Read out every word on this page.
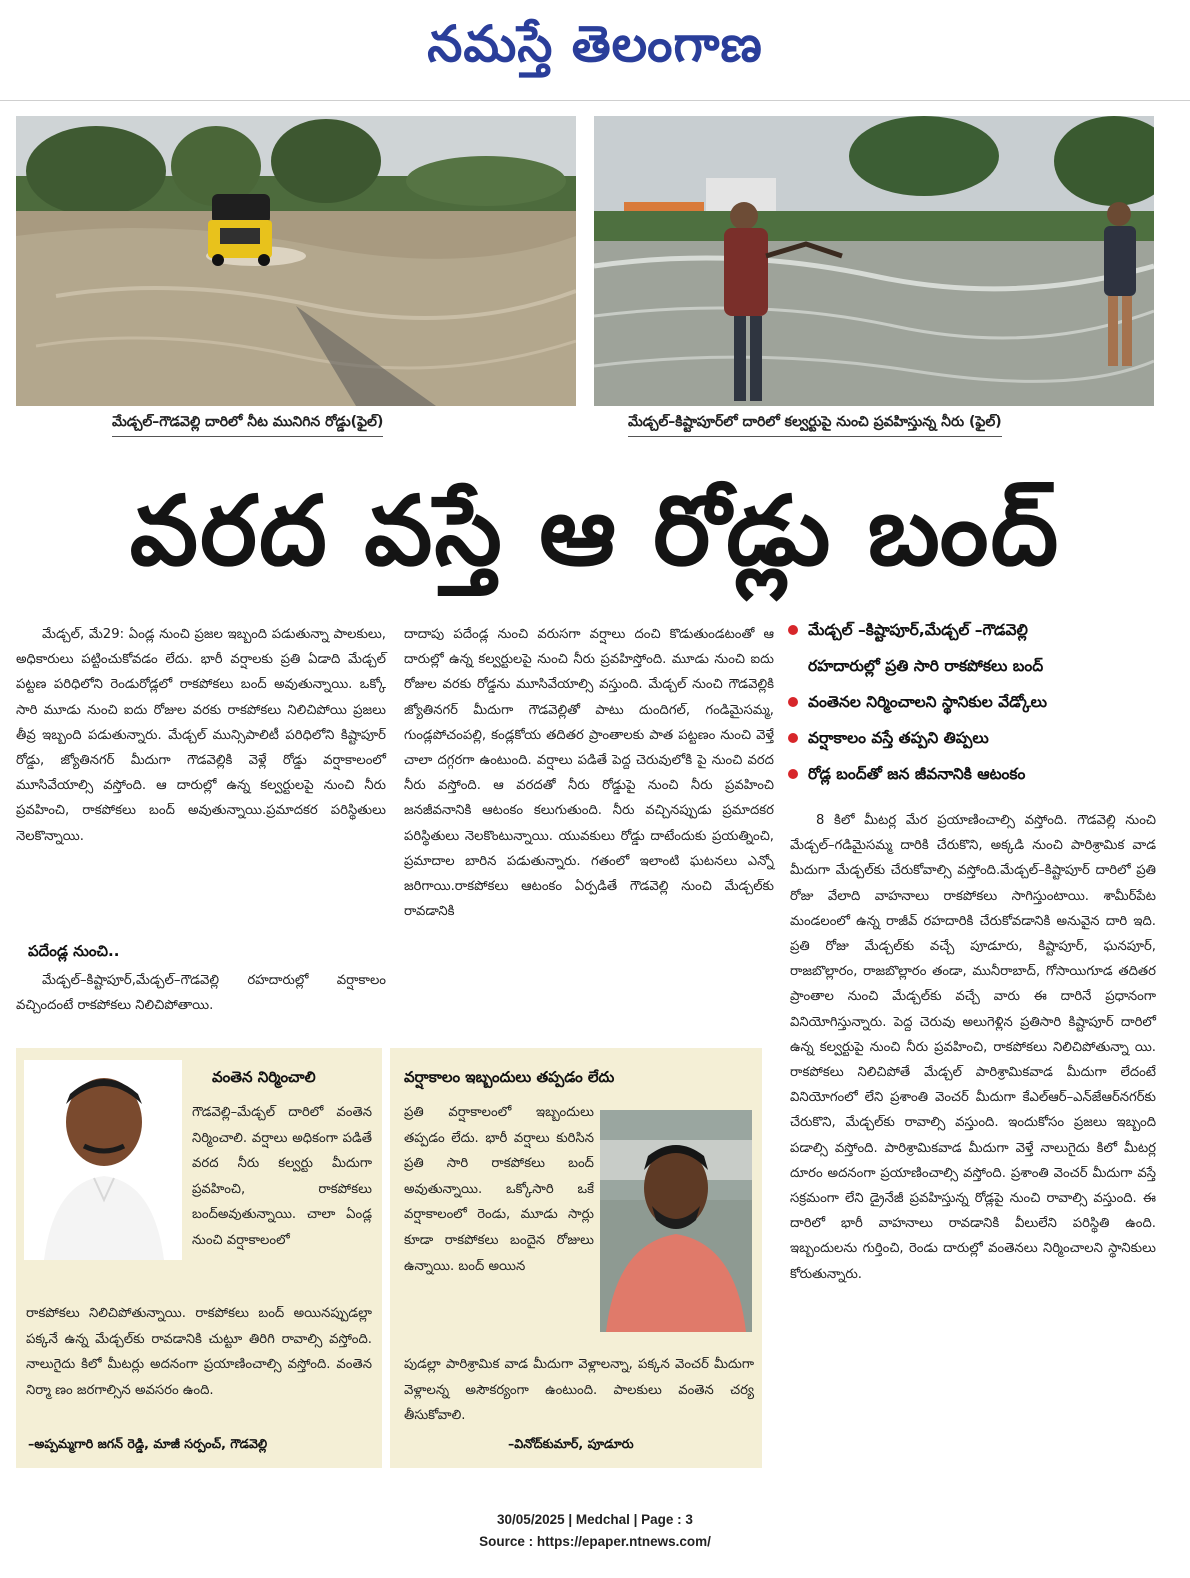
నమస్తే తెలంగాణ
మేడ్చల్‌–గౌడవెల్లి దారిలో నీట మునిగిన రోడ్డు(ఫైల్)	మేడ్చల్‌–కిష్టాపూర్‌లో దారిలో కల్వర్టుపై నుంచి ప్రవహిస్తున్న నీరు (ఫైల్)
వరద వస్తే ఆ రోడ్లు బంద్‌

మేడ్చల్‌, మే29: ఏండ్ల నుంచి ప్రజల ఇబ్బంది పడుతున్నా పాలకులు, అధికారులు పట్టించుకోవడం లేదు. భారీ వర్షాలకు ప్రతి ఏడాది మేడ్చల్‌ పట్టణ పరిధిలోని రెండురోడ్లలో రాకపోకలు బంద్‌ అవుతున్నాయి. ఒక్కో సారి మూడు నుంచి ఐదు రోజుల వరకు రాకపోకలు నిలిచిపోయి ప్రజలు తీవ్ర ఇబ్బంది పడుతున్నారు. మేడ్చల్‌ మున్సిపాలిటీ పరిధిలోని కిష్టాపూర్‌ రోడ్డు, జ్యోతినగర్‌ మీదుగా గౌడవెల్లికి వెళ్లే రోడ్డు వర్షాకాలంలో మూసివేయాల్సి వస్తోంది. ఆ దారుల్లో ఉన్న కల్వర్టులపై నుంచి నీరు ప్రవహించి, రాకపోకలు బంద్‌ అవుతున్నాయి.ప్రమాదకర పరిస్థితులు నెలకొన్నాయి.

పదేండ్ల నుంచి..

మేడ్చల్‌–కిష్టాపూర్‌,మేడ్చల్‌–గౌడవెల్లి రహదారుల్లో వర్షాకాలం వచ్చిందంటే రాకపోకలు నిలిచిపోతాయి.

దాదాపు పదేండ్ల నుంచి వరుసగా వర్షాలు దంచి కొడుతుండటంతో ఆ దారుల్లో ఉన్న కల్వర్టులపై నుంచి నీరు ప్రవహిస్తోంది. మూడు నుంచి ఐదు రోజుల వరకు రోడ్డను మూసివేయాల్సి వస్తుంది. మేడ్చల్‌ నుంచి గౌడవెల్లికి జ్యోతినగర్‌ మీదుగా గౌడవెల్లితో పాటు దుందిగల్‌, గండిమైసమ్మ, గుండ్లపోచంపల్లి, కండ్లకోయ తదితర ప్రాంతాలకు పాత పట్టణం నుంచి వెళ్తే చాలా దగ్గరగా ఉంటుంది. వర్షాలు పడితే పెద్ద చెరువులోకి పై నుంచి వరద నీరు వస్తోంది. ఆ వరదతో నీరు రోడ్డుపై నుంచి నీరు ప్రవహించి జనజీవనానికి ఆటంకం కలుగుతుంది. నీరు వచ్చినప్పుడు ప్రమాదకర పరిస్థితులు నెలకొంటున్నాయి. యువకులు రోడ్డు దాటేందుకు ప్రయత్నించి, ప్రమాదాల బారిన పడుతున్నారు. గతంలో ఇలాంటి ఘటనలు ఎన్నో జరిగాయి.రాకపోకలు ఆటంకం ఏర్పడితే గౌడవెల్లి నుంచి మేడ్చల్‌కు రావడానికి

మేడ్చల్‌ –కిష్టాపూర్‌,మేడ్చల్‌ –గౌడవెల్లి
రహదారుల్లో ప్రతి సారి రాకపోకలు బంద్‌
వంతెనల నిర్మించాలని స్థానికుల వేడ్కోలు
వర్షాకాలం వస్తే తప్పని తిప్పలు
రోడ్ల బంద్‌తో జన జీవనానికి ఆటంకం

8 కిలో మీటర్ల మేర ప్రయాణించాల్సి వస్తోంది. గౌడవెల్లి నుంచి మేడ్చల్‌–గడిమైసమ్మ దారికి చేరుకొని, అక్కడి నుంచి పారిశ్రామిక వాడ మీదుగా మేడ్చల్‌కు చేరుకోవాల్సి వస్తోంది.మేడ్చల్‌–కిష్టాపూర్‌ దారిలో ప్రతి రోజు వేలాది వాహనాలు రాకపోకలు సాగిస్తుంటాయి. శామీర్‌పేట మండలంలో ఉన్న రాజీవ్‌ రహదారికి చేరుకోవడానికి అనువైన దారి ఇది. ప్రతి రోజు మేడ్చల్‌కు వచ్చే పూడూరు, కిష్టాపూర్‌, ఘనపూర్‌, రాజబొల్లారం, రాజబొల్లారం తండా, మునీరాబాద్‌, గోసాయిగూడ తదితర ప్రాంతాల నుంచి మేడ్చల్‌కు వచ్చే వారు ఈ దారినే ప్రధానంగా వినియోగిస్తున్నారు. పెద్ద చెరువు అలుగెళ్లిన ప్రతిసారి కిష్టాపూర్‌ దారిలో ఉన్న కల్వర్టుపై నుంచి నీరు ప్రవహించి, రాకపోకలు నిలిచిపోతున్నా యి. రాకపోకలు నిలిచిపోతే మేడ్చల్‌ పారిశ్రామికవాడ మీదుగా లేదంటే వినియోగంలో లేని ప్రశాంతి వెంచర్‌ మీదుగా కేఎల్‌ఆర్‌–ఎన్‌జేఆర్‌నగర్‌కు చేరుకొని, మేడ్చల్‌కు రావాల్సి వస్తుంది. ఇందుకోసం ప్రజలు ఇబ్బంది పడాల్సి వస్తోంది. పారిశ్రామికవాడ మీదుగా వెళ్తే నాలుగైదు కిలో మీటర్ల దూరం అదనంగా ప్రయాణించాల్సి వస్తోంది. ప్రశాంతి వెంచర్‌ మీదుగా వస్తే సక్రమంగా లేని డ్రైనేజీ ప్రవహిస్తున్న రోడ్లపై నుంచి రావాల్సి వస్తుంది. ఈ దారిలో భారీ వాహనాలు రావడానికి వీలులేని పరిస్థితి ఉంది. ఇబ్బందులను గుర్తించి, రెండు దారుల్లో వంతెనలు నిర్మించాలని స్థానికులు కోరుతున్నారు.

వంతెన నిర్మించాలి
గౌడవెల్లి–మేడ్చల్‌ దారిలో వంతెన నిర్మించాలి. వర్షాలు అధికంగా పడితే వరద నీరు కల్వర్టు మీదుగా ప్రవహించి, రాకపోకలు బంద్‌అవుతున్నాయి. చాలా ఏండ్ల నుంచి వర్షాకాలంలో
రాకపోకలు నిలిచిపోతున్నాయి. రాకపోకలు బంద్‌ అయినప్పుడల్లా పక్కనే ఉన్న మేడ్చల్‌కు రావడానికి చుట్టూ తిరిగి రావాల్సి వస్తోంది. నాలుగైదు కిలో మీటర్లు అదనంగా ప్రయాణించాల్సి వస్తోంది. వంతెన నిర్మా ణం జరగాల్సిన అవసరం ఉంది.
–అప్పమ్మగారి జగన్‌ రెడ్డి, మాజీ సర్పంచ్‌, గౌడవెల్లి
వర్షాకాలం ఇబ్బందులు తప్పడం లేదు
ప్రతి వర్షాకాలంలో ఇబ్బందులు తప్పడం లేదు. భారీ వర్షాలు కురిసిన ప్రతి సారి రాకపోకలు బంద్‌ అవుతున్నాయి. ఒక్కోసారి ఒకే వర్షాకాలంలో రెండు, మూడు సార్లు కూడా రాకపోకలు బందైన రోజులు ఉన్నాయి. బంద్‌ అయిన
పుడల్లా పారిశ్రామిక వాడ మీదుగా వెళ్లాలన్నా, పక్కన వెంచర్‌ మీదుగా వెళ్లాలన్న అసౌకర్యంగా ఉంటుంది. పాలకులు వంతెన చర్య తీసుకోవాలి.
–వినోద్‌కుమార్‌, పూడూరు
30/05/2025 | Medchal | Page : 3
Source : https://epaper.ntnews.com/
